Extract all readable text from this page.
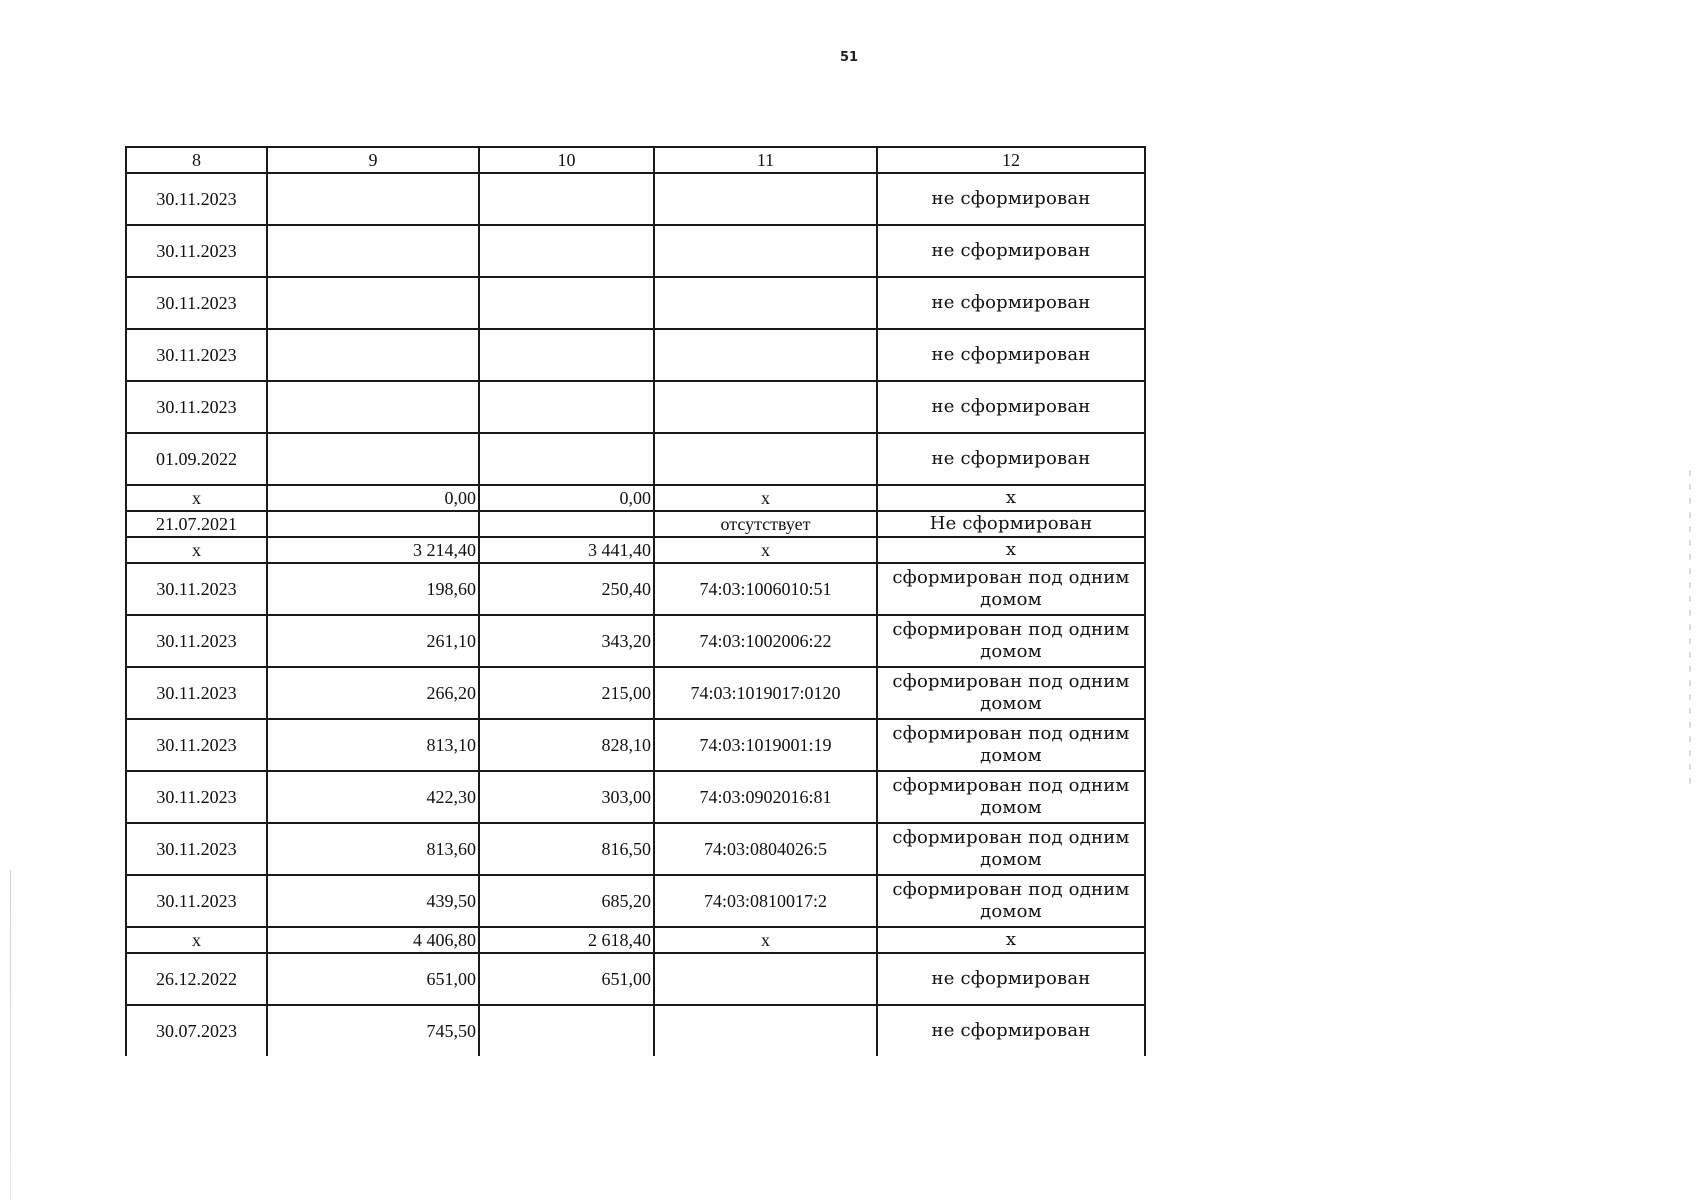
51
8	9	10	11	12
30.11.2023				не сформирован
30.11.2023				не сформирован
30.11.2023				не сформирован
30.11.2023				не сформирован
30.11.2023				не сформирован
01.09.2022				не сформирован
x	0,00	0,00	x	x
21.07.2021			отсутствует	Не сформирован
x	3 214,40	3 441,40	x	x
30.11.2023	198,60	250,40	74:03:1006010:51	сформирован под одним домом
30.11.2023	261,10	343,20	74:03:1002006:22	сформирован под одним домом
30.11.2023	266,20	215,00	74:03:1019017:0120	сформирован под одним домом
30.11.2023	813,10	828,10	74:03:1019001:19	сформирован под одним домом
30.11.2023	422,30	303,00	74:03:0902016:81	сформирован под одним домом
30.11.2023	813,60	816,50	74:03:0804026:5	сформирован под одним домом
30.11.2023	439,50	685,20	74:03:0810017:2	сформирован под одним домом
x	4 406,80	2 618,40	x	x
26.12.2022	651,00	651,00		не сформирован
30.07.2023	745,50			не сформирован
